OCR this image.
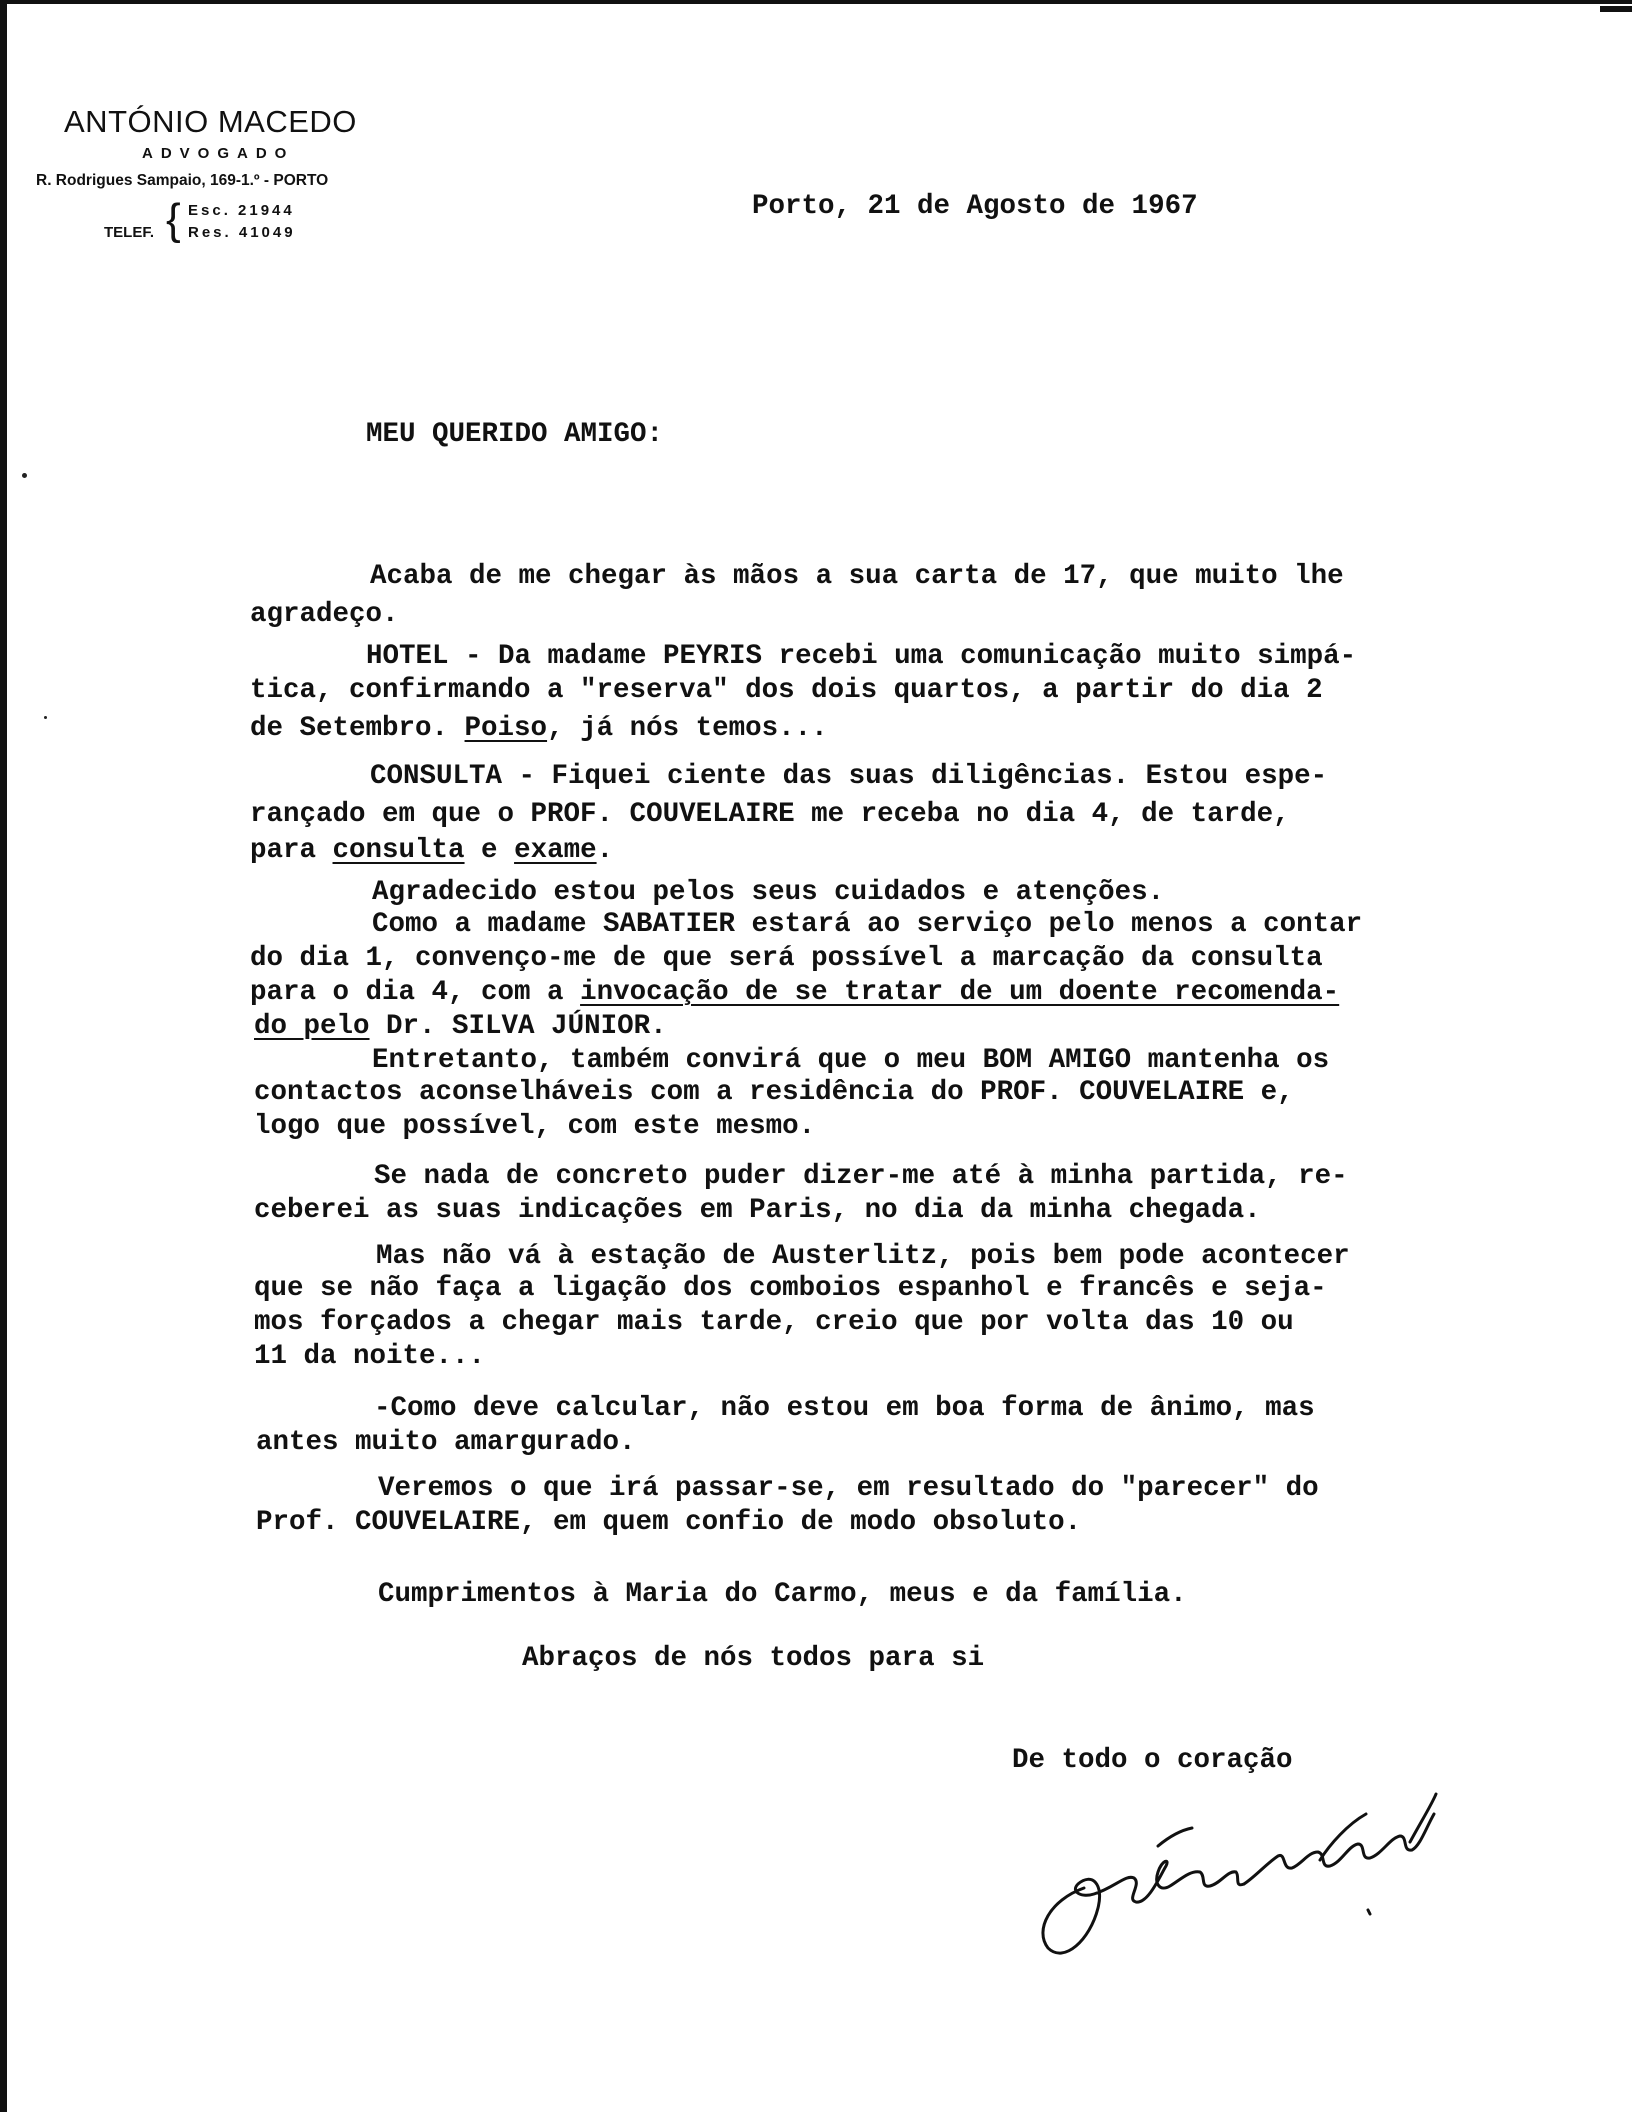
ANTÓNIO MACEDO
ADVOGADO
R. Rodrigues Sampaio, 169-1.º - PORTO
TELEF. { Esc. 21944
Res. 41049
Porto, 21 de Agosto de 1967
MEU QUERIDO AMIGO:
Acaba de me chegar às mãos a sua carta de 17, que muito lhe
agradeço.
HOTEL - Da madame PEYRIS recebi uma comunicação muito simpá-
tica, confirmando a "reserva" dos dois quartos, a partir do dia 2
de Setembro. Poiso, já nós temos...
CONSULTA - Fiquei ciente das suas diligências. Estou espe-
rançado em que o PROF. COUVELAIRE me receba no dia 4, de tarde,
para consulta e exame.
Agradecido estou pelos seus cuidados e atenções.
Como a madame SABATIER estará ao serviço pelo menos a contar
do dia 1, convenço-me de que será possível a marcação da consulta
para o dia 4, com a invocação de se tratar de um doente recomenda-
do pelo Dr. SILVA JÚNIOR.
Entretanto, também convirá que o meu BOM AMIGO mantenha os
contactos aconselháveis com a residência do PROF. COUVELAIRE e,
logo que possível, com este mesmo.
Se nada de concreto puder dizer-me até à minha partida, re-
ceberei as suas indicações em Paris, no dia da minha chegada.
Mas não vá à estação de Austerlitz, pois bem pode acontecer
que se não faça a ligação dos comboios espanhol e francês e seja-
mos forçados a chegar mais tarde, creio que por volta das 10 ou
11 da noite...
-Como deve calcular, não estou em boa forma de ânimo, mas
antes muito amargurado.
Veremos o que irá passar-se, em resultado do "parecer" do
Prof. COUVELAIRE, em quem confio de modo obsoluto.
Cumprimentos à Maria do Carmo, meus e da família.
Abraços de nós todos para si
De todo o coração
